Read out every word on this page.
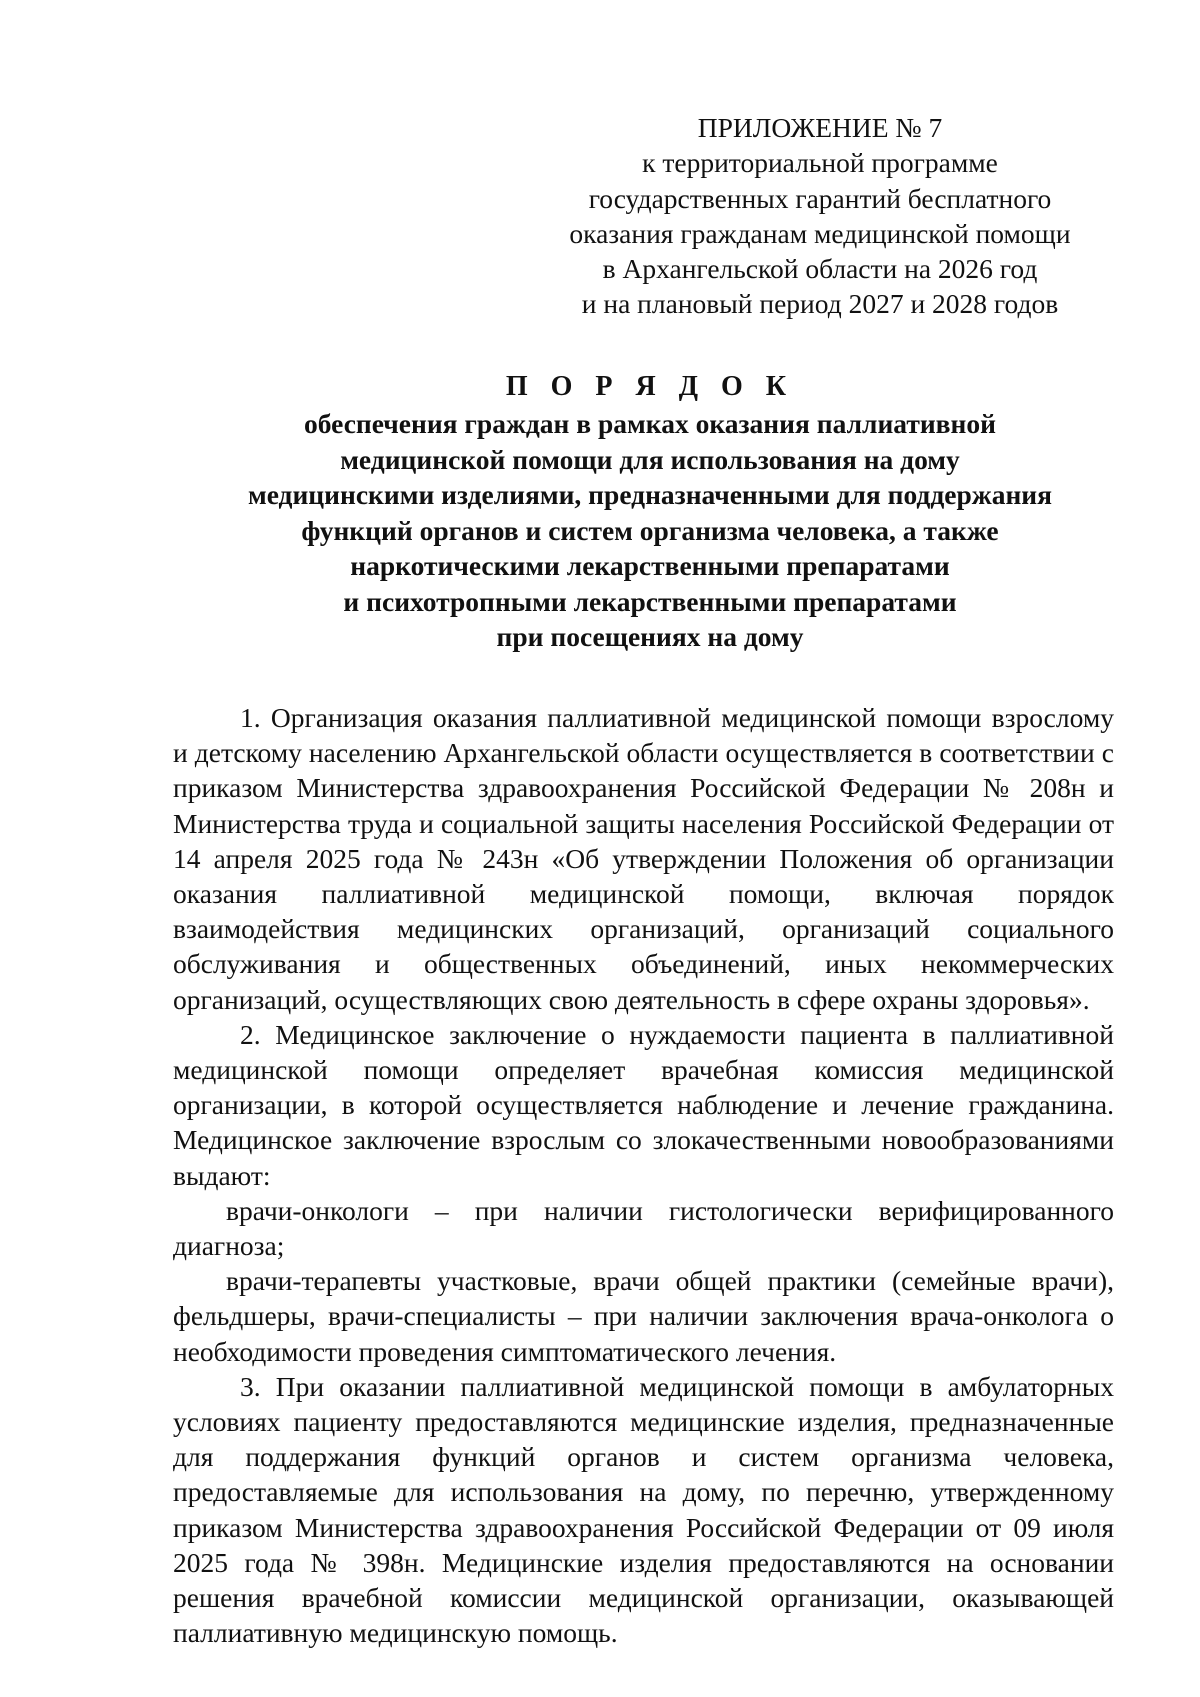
ПРИЛОЖЕНИЕ № 7
к территориальной программе
государственных гарантий бесплатного
оказания гражданам медицинской помощи
в Архангельской области на 2026 год
и на плановый период 2027 и 2028 годов
П О Р Я Д О К
обеспечения граждан в рамках оказания паллиативной
медицинской помощи для использования на дому
медицинскими изделиями, предназначенными для поддержания
функций органов и систем организма человека, а также
наркотическими лекарственными препаратами
и психотропными лекарственными препаратами
при посещениях на дому

1. Организация оказания паллиативной медицинской помощи взрослому и детскому населению Архангельской области осуществляется в соответствии с приказом Министерства здравоохранения Российской Федерации № 208н и Министерства труда и социальной защиты населения Российской Федерации от 14 апреля 2025 года № 243н «Об утверждении Положения об организации оказания паллиативной медицинской помощи, включая порядок взаимодействия медицинских организаций, организаций социального обслуживания и общественных объединений, иных некоммерческих организаций, осуществляющих свою деятельность в сфере охраны здоровья».

2. Медицинское заключение о нуждаемости пациента в паллиативной медицинской помощи определяет врачебная комиссия медицинской организации, в которой осуществляется наблюдение и лечение гражданина. Медицинское заключение взрослым со злокачественными новообразованиями выдают:

врачи-онкологи – при наличии гистологически верифицированного диагноза;

врачи-терапевты участковые, врачи общей практики (семейные врачи), фельдшеры, врачи-специалисты – при наличии заключения врача-онколога о необходимости проведения симптоматического лечения.

3. При оказании паллиативной медицинской помощи в амбулаторных условиях пациенту предоставляются медицинские изделия, предназначенные для поддержания функций органов и систем организма человека, предоставляемые для использования на дому, по перечню, утвержденному приказом Министерства здравоохранения Российской Федерации от 09 июля 2025 года № 398н. Медицинские изделия предоставляются на основании решения врачебной комиссии медицинской организации, оказывающей паллиативную медицинскую помощь.
